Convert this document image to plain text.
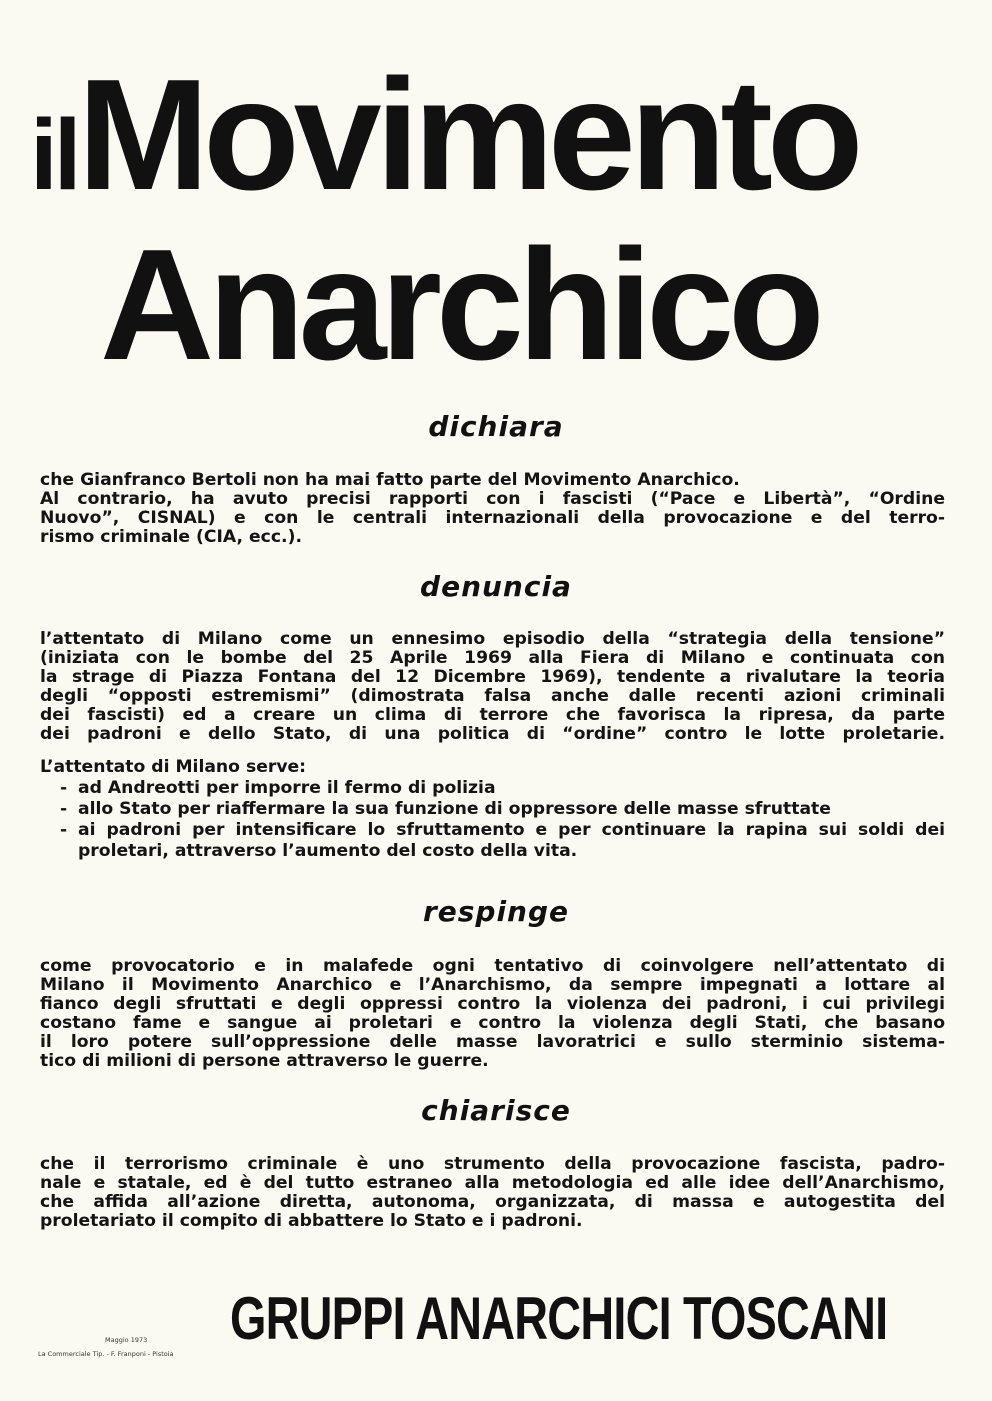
ilMovimento
Anarchico
dichiara
che Gianfranco Bertoli non ha mai fatto parte del Movimento Anarchico.
Al contrario, ha avuto precisi rapporti con i fascisti (“Pace e Libertà”, “Ordine
Nuovo”, CISNAL) e con le centrali internazionali della provocazione e del terro-
rismo criminale (CIA, ecc.).
denuncia
l’attentato di Milano come un ennesimo episodio della “strategia della tensione”
(iniziata con le bombe del 25 Aprile 1969 alla Fiera di Milano e continuata con
la strage di Piazza Fontana del 12 Dicembre 1969), tendente a rivalutare la teoria
degli “opposti estremismi” (dimostrata falsa anche dalle recenti azioni criminali
dei fascisti) ed a creare un clima di terrore che favorisca la ripresa, da parte
dei padroni e dello Stato, di una politica di “ordine” contro le lotte proletarie.
L’attentato di Milano serve:
- ad Andreotti per imporre il fermo di polizia
- allo Stato per riaffermare la sua funzione di oppressore delle masse sfruttate
- ai padroni per intensificare lo sfruttamento e per continuare la rapina sui soldi dei proletari, attraverso l’aumento del costo della vita.
respinge
come provocatorio e in malafede ogni tentativo di coinvolgere nell’attentato di
Milano il Movimento Anarchico e l’Anarchismo, da sempre impegnati a lottare al
fianco degli sfruttati e degli oppressi contro la violenza dei padroni, i cui privilegi
costano fame e sangue ai proletari e contro la violenza degli Stati, che basano
il loro potere sull’oppressione delle masse lavoratrici e sullo sterminio sistema-
tico di milioni di persone attraverso le guerre.
chiarisce
che il terrorismo criminale è uno strumento della provocazione fascista, padro-
nale e statale, ed è del tutto estraneo alla metodologia ed alle idee dell’Anarchismo,
che affida all’azione diretta, autonoma, organizzata, di massa e autogestita del
proletariato il compito di abbattere lo Stato e i padroni.
Maggio 1973
La Commerciale Tip. - F. Franponi - Pistoia
GRUPPI ANARCHICI TOSCANI
